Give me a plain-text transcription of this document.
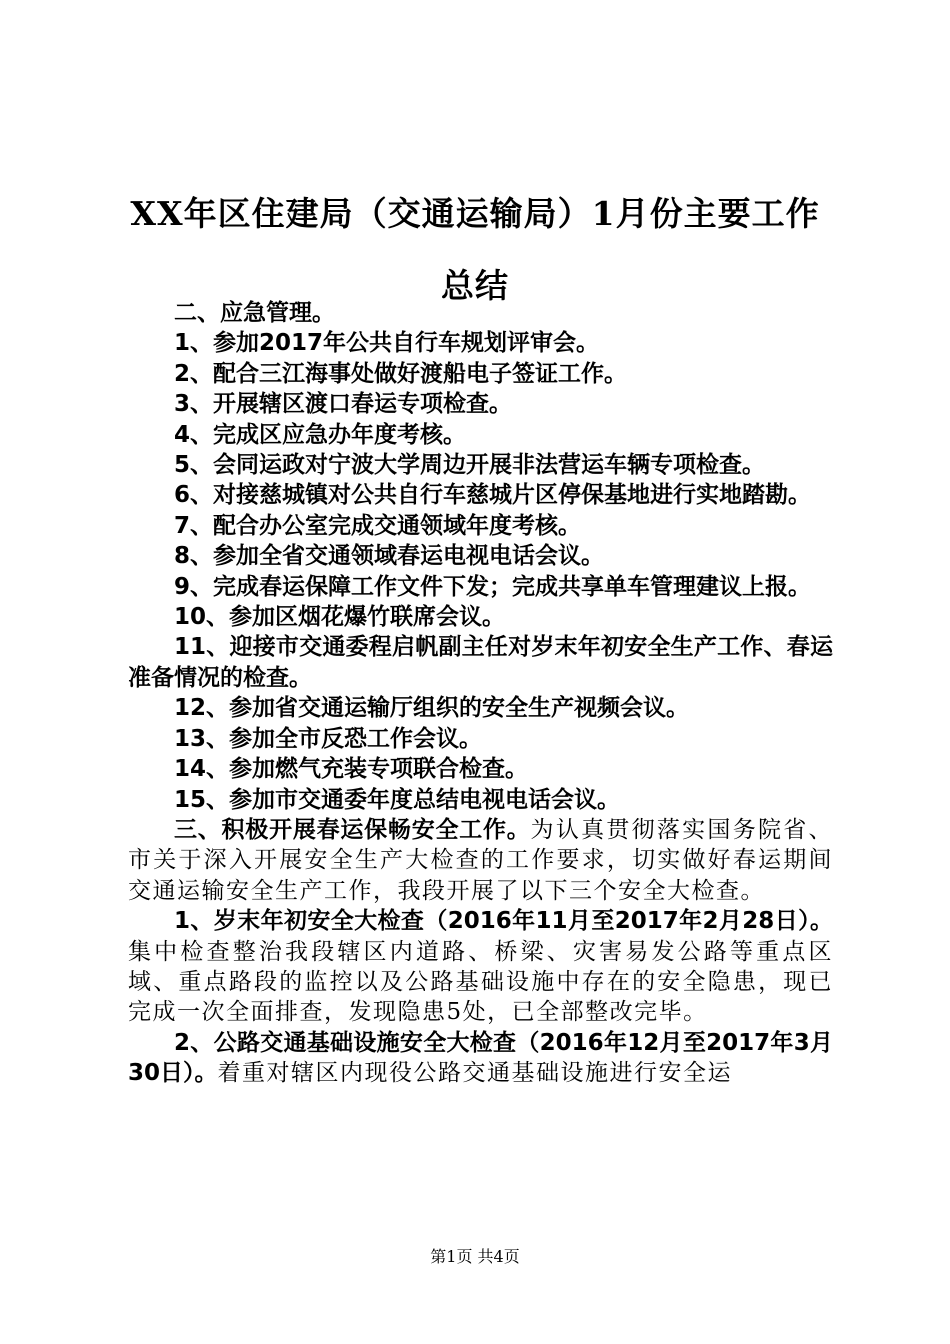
XX年区住建局（交通运输局）1月份主要工作
总结

二、应急管理。

1、参加2017年公共自行车规划评审会。

2、配合三江海事处做好渡船电子签证工作。

3、开展辖区渡口春运专项检查。

4、完成区应急办年度考核。

5、会同运政对宁波大学周边开展非法营运车辆专项检查。

6、对接慈城镇对公共自行车慈城片区停保基地进行实地踏勘。

7、配合办公室完成交通领域年度考核。

8、参加全省交通领域春运电视电话会议。

9、完成春运保障工作文件下发；完成共享单车管理建议上报。

10、参加区烟花爆竹联席会议。

11、迎接市交通委程启帆副主任对岁末年初安全生产工作、春运准备情况的检查。

12、参加省交通运输厅组织的安全生产视频会议。

13、参加全市反恐工作会议。

14、参加燃气充装专项联合检查。

15、参加市交通委年度总结电视电话会议。

三、积极开展春运保畅安全工作。为认真贯彻落实国务院省、市关于深入开展安全生产大检查的工作要求，切实做好春运期间交通运输安全生产工作，我段开展了以下三个安全大检查。

1、岁末年初安全大检查（2016年11月至2017年2月28日）。集中检查整治我段辖区内道路、桥梁、灾害易发公路等重点区域、重点路段的监控以及公路基础设施中存在的安全隐患，现已完成一次全面排查，发现隐患5处，已全部整改完毕。

2、公路交通基础设施安全大检查（2016年12月至2017年3月30日）。着重对辖区内现役公路交通基础设施进行安全运

第1页 共4页
